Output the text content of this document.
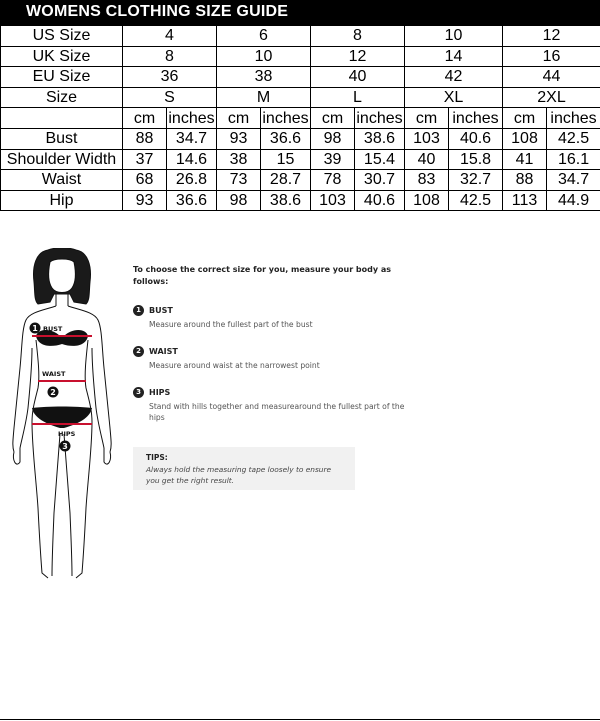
WOMENS CLOTHING SIZE GUIDE
US Size	4		6		8		10		12	
UK Size	8		10		12		14		16	
EU Size	36		38		40		42		44	
Size	S		M		L		XL		2XL	
	cm	inches	cm	inches	cm	inches	cm	inches	cm	inches
Bust	88	34.7	93	36.6	98	38.6	103	40.6	108	42.5
Shoulder Width	37	14.6	38	15	39	15.4	40	15.8	41	16.1
Waist	68	26.8	73	28.7	78	30.7	83	32.7	88	34.7
Hip	93	36.6	98	38.6	103	40.6	108	42.5	113	44.9
1 BUST
WAIST
2
HIPS
3
To choose the correct size for you, measure your body as follows:
1	BUST
Measure around the fullest part of the bust
2	WAIST
Measure around waist at the narrowest point
3	HIPS
Stand with hills together and measurearound the fullest part of the hips
TIPS:
Always hold the measuring tape loosely to ensure you get the right result.
